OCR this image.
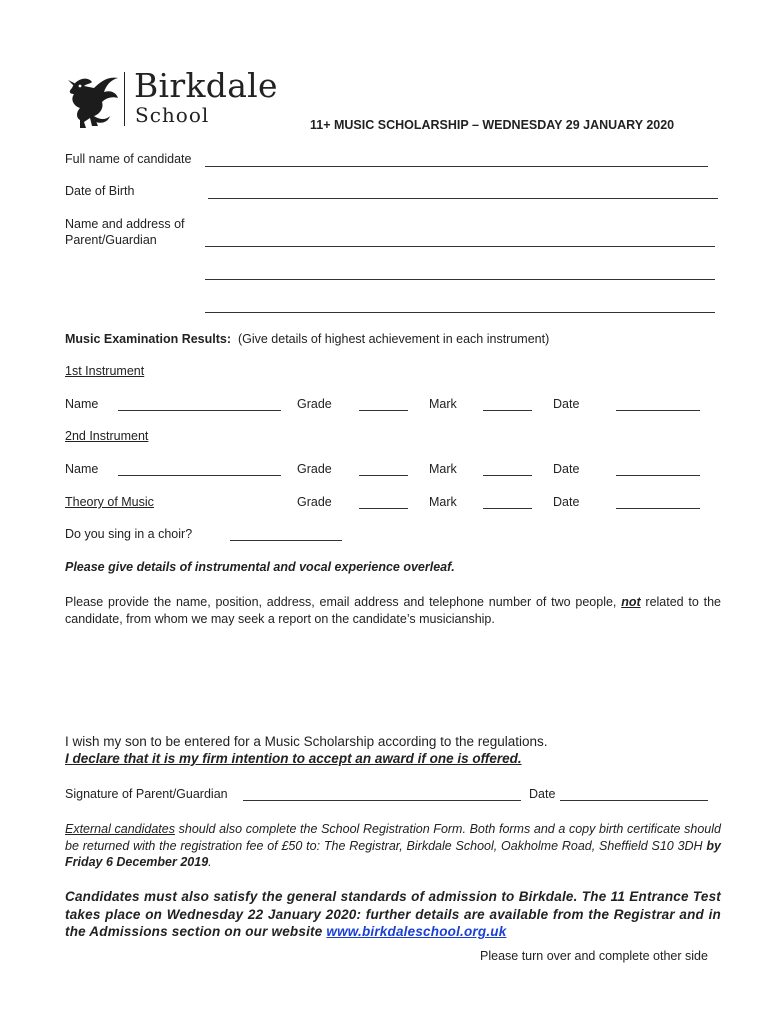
Birkdale
School	11+ MUSIC SCHOLARSHIP – WEDNESDAY 29 JANUARY 2020
Full name of candidate
Date of Birth
Name and address of
Parent/Guardian
Music Examination Results: (Give details of highest achievement in each instrument)
1st Instrument
Name	Grade	Mark	Date
2nd Instrument
Name	Grade	Mark	Date
Theory of Music	Grade	Mark	Date
Do you sing in a choir?
Please give details of instrumental and vocal experience overleaf.
Please provide the name, position, address, email address and telephone number of two people, not related to the candidate, from whom we may seek a report on the candidate’s musicianship.
I wish my son to be entered for a Music Scholarship according to the regulations.
I declare that it is my firm intention to accept an award if one is offered.
Signature of Parent/Guardian	Date
External candidates should also complete the School Registration Form. Both forms and a copy birth certificate should be returned with the registration fee of £50 to: The Registrar, Birkdale School, Oakholme Road, Sheffield S10 3DH by Friday 6 December 2019.
Candidates must also satisfy the general standards of admission to Birkdale. The 11 Entrance Test takes place on Wednesday 22 January 2020: further details are available from the Registrar and in the Admissions section on our website www.birkdaleschool.org.uk
Please turn over and complete other side
